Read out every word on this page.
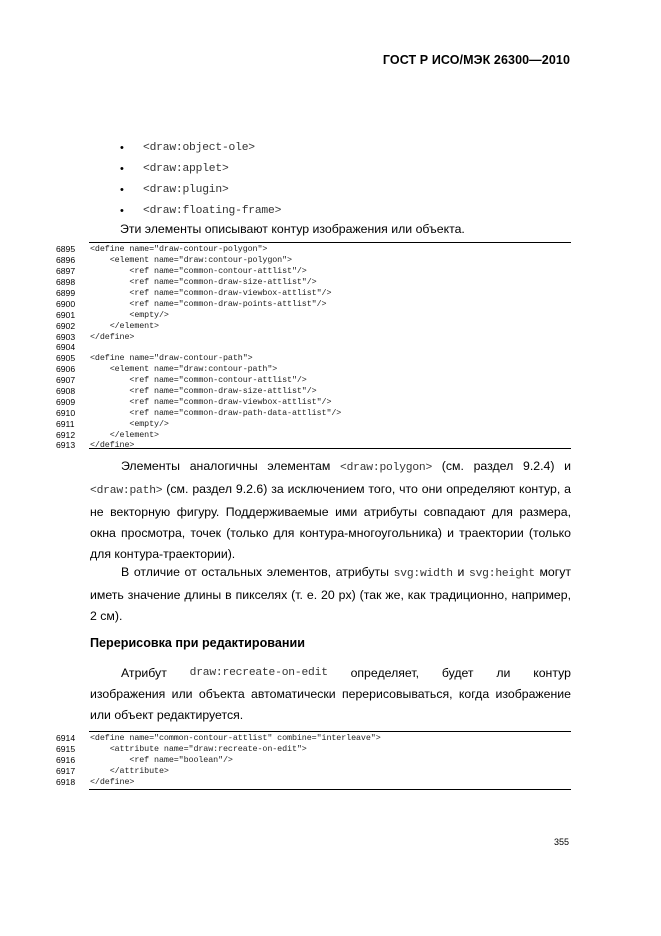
ГОСТ Р ИСО/МЭК 26300—2010
•	<draw:object-ole>
•	<draw:applet>
•	<draw:plugin>
•	<draw:floating-frame>
Эти элементы описывают контур изображения или объекта.
6895	<define name="draw-contour-polygon">
6896	<element name="draw:contour-polygon">
6897	<ref name="common-contour-attlist"/>
6898	<ref name="common-draw-size-attlist"/>
6899	<ref name="common-draw-viewbox-attlist"/>
6900	<ref name="common-draw-points-attlist"/>
6901	<empty/>
6902	</element>
6903	</define>
6904
6905	<define name="draw-contour-path">
6906	<element name="draw:contour-path">
6907	<ref name="common-contour-attlist"/>
6908	<ref name="common-draw-size-attlist"/>
6909	<ref name="common-draw-viewbox-attlist"/>
6910	<ref name="common-draw-path-data-attlist"/>
6911	<empty/>
6912	</element>
6913	</define>
Элементы аналогичны элементам <draw:polygon> (см. раздел 9.2.4) и <draw:path> (см. раздел 9.2.6) за исключением того, что они определяют контур, а не векторную фигуру. Поддерживаемые ими атрибуты совпадают для размера, окна просмотра, точек (только для контура-многоугольника) и траектории (только для контура-траектории).
В отличие от остальных элементов, атрибуты svg:width и svg:height могут иметь значение длины в пикселях (т. е. 20 px) (так же, как традиционно, например, 2 см).
Перерисовка при редактировании
Атрибут draw:recreate-on-edit определяет, будет ли контур
изображения или объекта автоматически перерисовываться, когда изображение или объект редактируется.
6914	<define name="common-contour-attlist" combine="interleave">
6915	<attribute name="draw:recreate-on-edit">
6916	<ref name="boolean"/>
6917	</attribute>
6918	</define>
355
